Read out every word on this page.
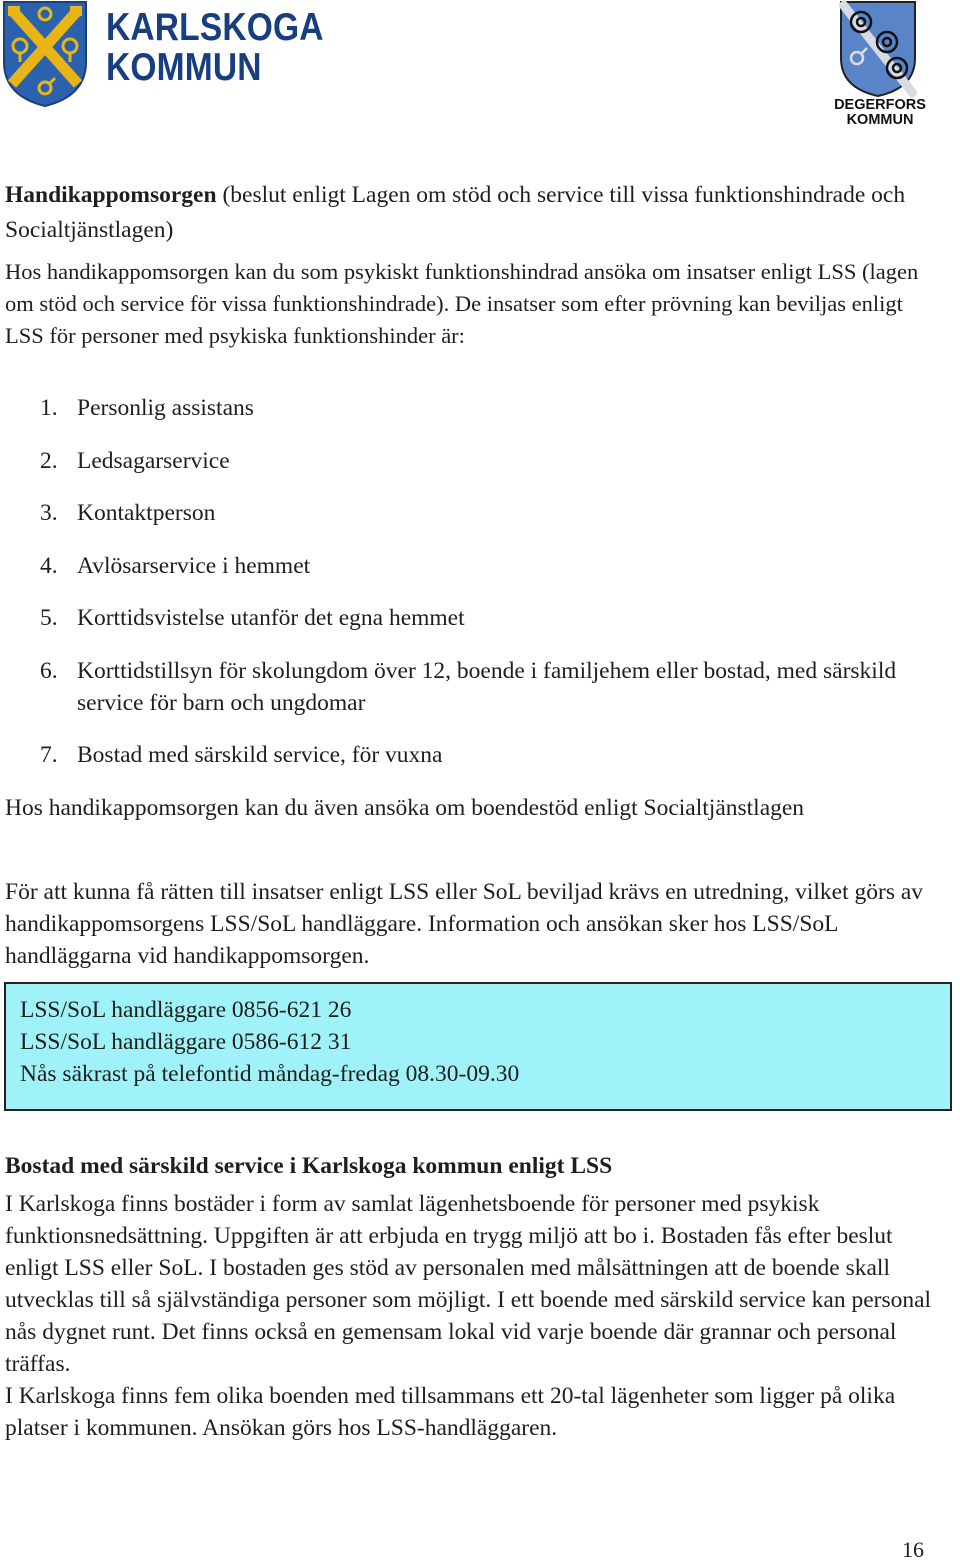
KARLSKOGA
KOMMUN
DEGERFORS
KOMMUN
Handikappomsorgen (beslut enligt Lagen om stöd och service till vissa funktionshindrade och Socialtjänstlagen)

Hos handikappomsorgen kan du som psykiskt funktionshindrad ansöka om insatser enligt LSS (lagen om stöd och service för vissa funktionshindrade). De insatser som efter prövning kan beviljas enligt LSS för personer med psykiska funktionshinder är:

1. Personlig assistans
2. Ledsagarservice
3. Kontaktperson
4. Avlösarservice i hemmet
5. Korttidsvistelse utanför det egna hemmet
6. Korttidstillsyn för skolungdom över 12, boende i familjehem eller bostad, med särskild service för barn och ungdomar
7. Bostad med särskild service, för vuxna

Hos handikappomsorgen kan du även ansöka om boendestöd enligt Socialtjänstlagen

För att kunna få rätten till insatser enligt LSS eller SoL beviljad krävs en utredning, vilket görs av handikappomsorgens LSS/SoL handläggare. Information och ansökan sker hos LSS/SoL handläggarna vid handikappomsorgen.

LSS/SoL handläggare 0856-621 26
LSS/SoL handläggare 0586-612 31
Nås säkrast på telefontid måndag-fredag 08.30-09.30
Bostad med särskild service i Karlskoga kommun enligt LSS

I Karlskoga finns bostäder i form av samlat lägenhetsboende för personer med psykisk funktionsnedsättning. Uppgiften är att erbjuda en trygg miljö att bo i. Bostaden fås efter beslut enligt LSS eller SoL. I bostaden ges stöd av personalen med målsättningen att de boende skall utvecklas till så självständiga personer som möjligt. I ett boende med särskild service kan personal nås dygnet runt. Det finns också en gemensam lokal vid varje boende där grannar och personal träffas.

I Karlskoga finns fem olika boenden med tillsammans ett 20-tal lägenheter som ligger på olika platser i kommunen. Ansökan görs hos LSS-handläggaren.

16
